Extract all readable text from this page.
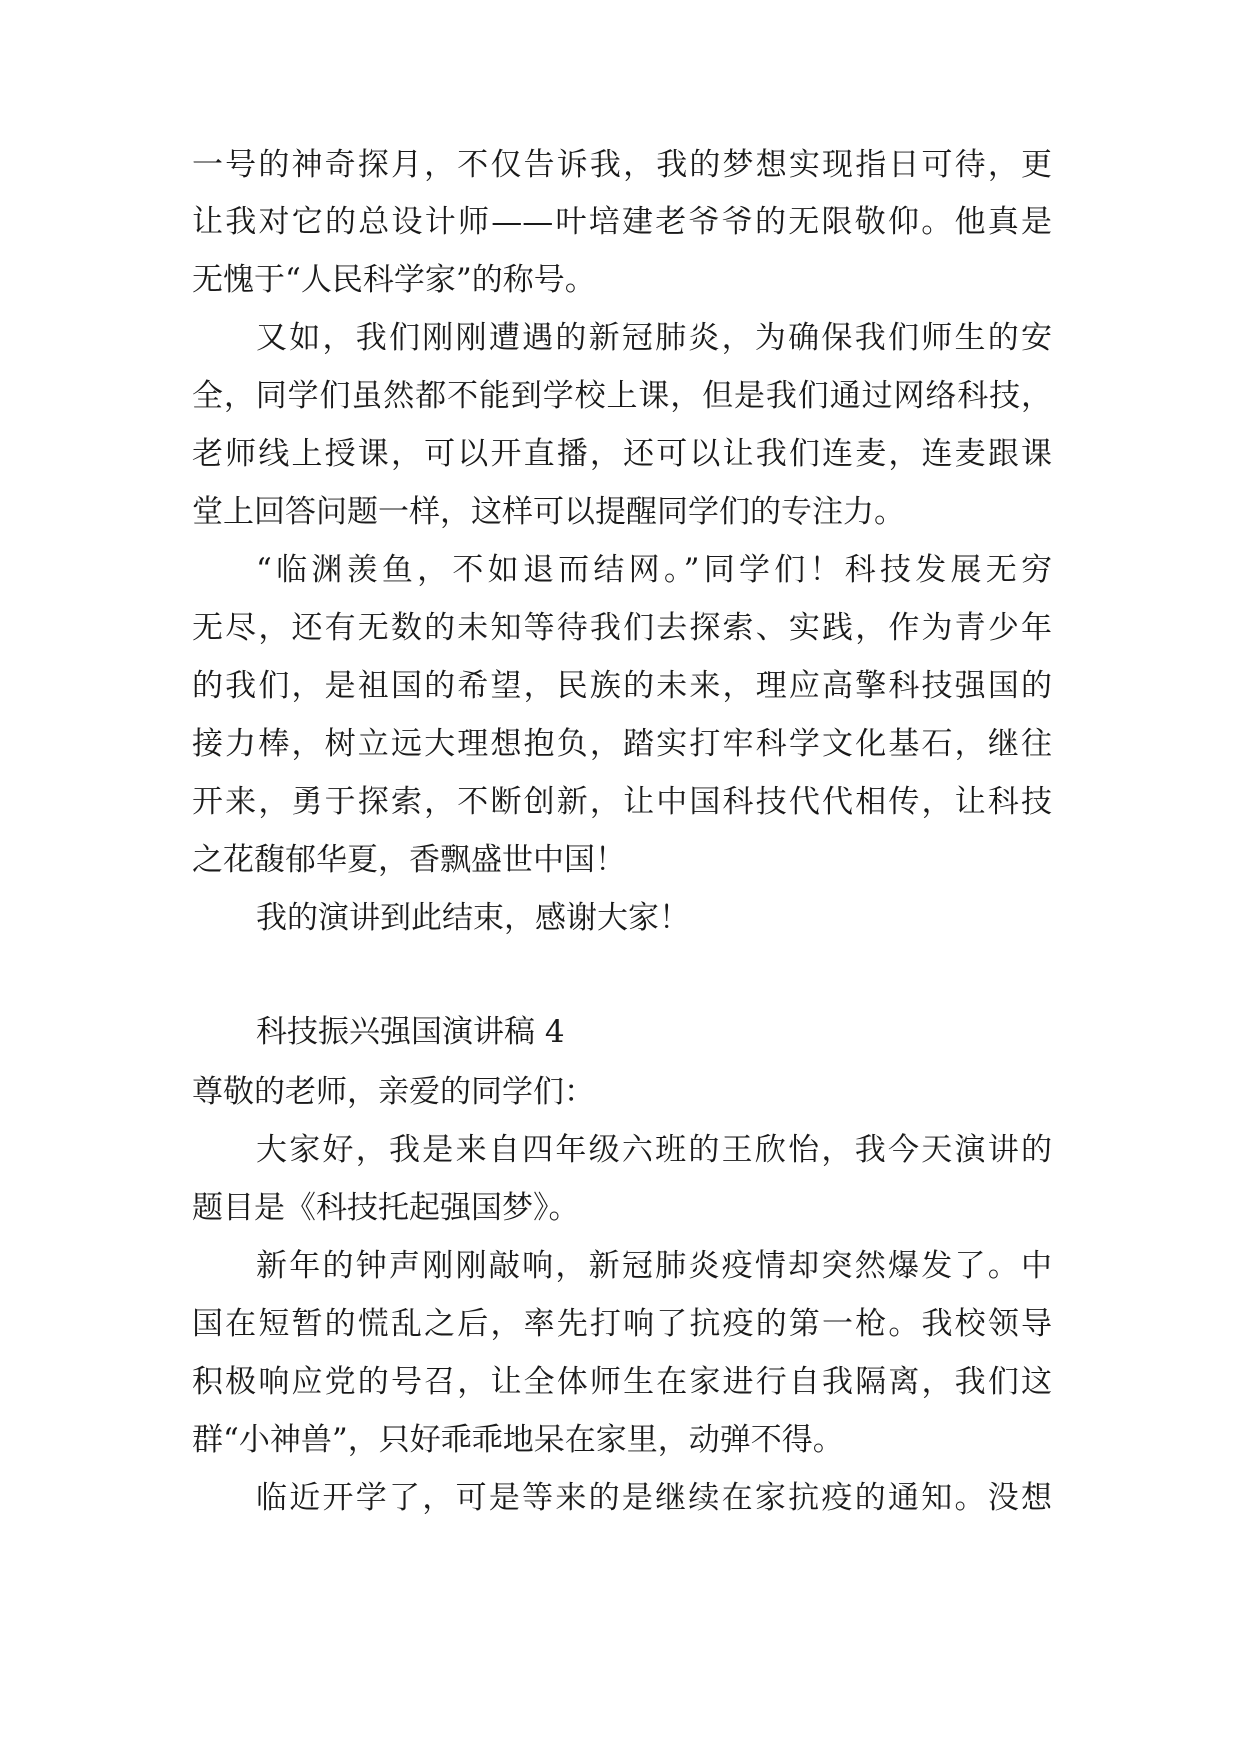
一号的神奇探月，不仅告诉我，我的梦想实现指日可待，更
让我对它的总设计师——叶培建老爷爷的无限敬仰。他真是
无愧于“人民科学家”的称号。
又如，我们刚刚遭遇的新冠肺炎，为确保我们师生的安
全，同学们虽然都不能到学校上课，但是我们通过网络科技，
老师线上授课，可以开直播，还可以让我们连麦，连麦跟课
堂上回答问题一样，这样可以提醒同学们的专注力。
“临渊羡鱼，不如退而结网。”同学们！科技发展无穷
无尽，还有无数的未知等待我们去探索、实践，作为青少年
的我们，是祖国的希望，民族的未来，理应高擎科技强国的
接力棒，树立远大理想抱负，踏实打牢科学文化基石，继往
开来，勇于探索，不断创新，让中国科技代代相传，让科技
之花馥郁华夏，香飘盛世中国！
我的演讲到此结束，感谢大家！
科技振兴强国演讲稿 4
尊敬的老师，亲爱的同学们：
大家好，我是来自四年级六班的王欣怡，我今天演讲的
题目是《科技托起强国梦》。
新年的钟声刚刚敲响，新冠肺炎疫情却突然爆发了。中
国在短暂的慌乱之后，率先打响了抗疫的第一枪。我校领导
积极响应党的号召，让全体师生在家进行自我隔离，我们这
群“小神兽”，只好乖乖地呆在家里，动弹不得。
临近开学了，可是等来的是继续在家抗疫的通知。没想
